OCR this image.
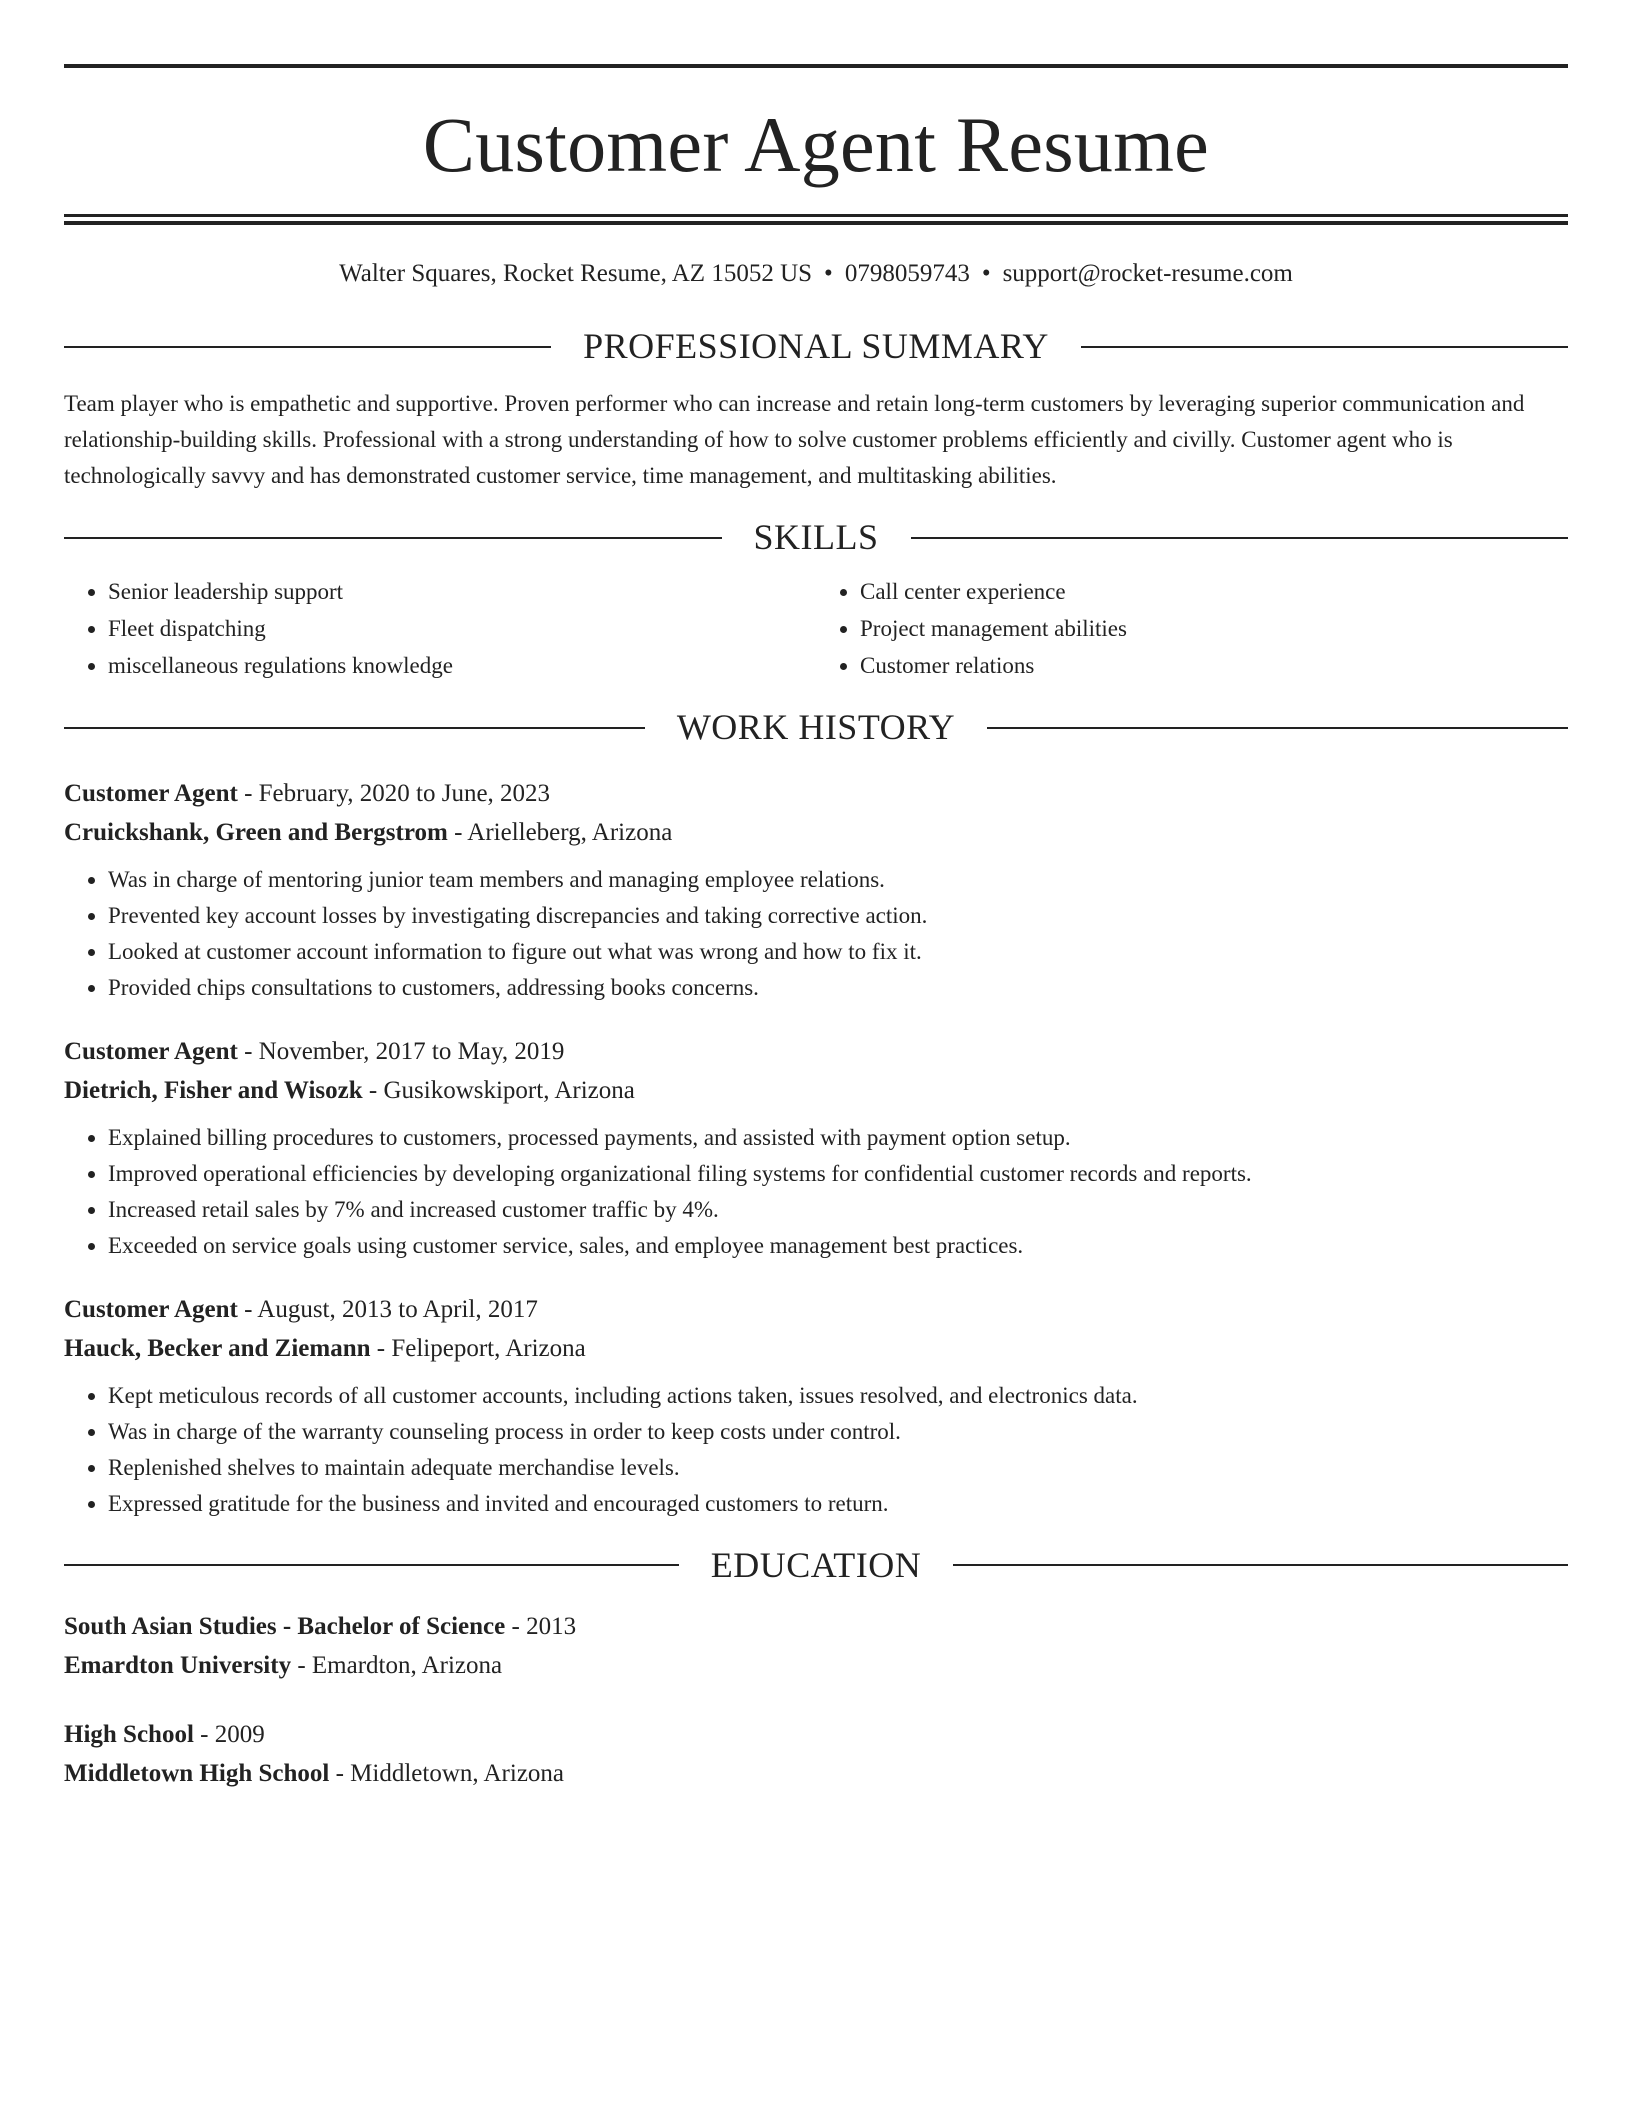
Customer Agent Resume
Walter Squares, Rocket Resume, AZ 15052 US • 0798059743 • support@rocket-resume.com
PROFESSIONAL SUMMARY
Team player who is empathetic and supportive. Proven performer who can increase and retain long-term customers by leveraging superior communication and relationship-building skills. Professional with a strong understanding of how to solve customer problems efficiently and civilly. Customer agent who is technologically savvy and has demonstrated customer service, time management, and multitasking abilities.
SKILLS
• Senior leadership support
• Fleet dispatching
• miscellaneous regulations knowledge
• Call center experience
• Project management abilities
• Customer relations
WORK HISTORY
Customer Agent - February, 2020 to June, 2023
Cruickshank, Green and Bergstrom - Arielleberg, Arizona
• Was in charge of mentoring junior team members and managing employee relations.
• Prevented key account losses by investigating discrepancies and taking corrective action.
• Looked at customer account information to figure out what was wrong and how to fix it.
• Provided chips consultations to customers, addressing books concerns.
Customer Agent - November, 2017 to May, 2019
Dietrich, Fisher and Wisozk - Gusikowskiport, Arizona
• Explained billing procedures to customers, processed payments, and assisted with payment option setup.
• Improved operational efficiencies by developing organizational filing systems for confidential customer records and reports.
• Increased retail sales by 7% and increased customer traffic by 4%.
• Exceeded on service goals using customer service, sales, and employee management best practices.
Customer Agent - August, 2013 to April, 2017
Hauck, Becker and Ziemann - Felipeport, Arizona
• Kept meticulous records of all customer accounts, including actions taken, issues resolved, and electronics data.
• Was in charge of the warranty counseling process in order to keep costs under control.
• Replenished shelves to maintain adequate merchandise levels.
• Expressed gratitude for the business and invited and encouraged customers to return.
EDUCATION
South Asian Studies - Bachelor of Science - 2013
Emardton University - Emardton, Arizona
High School - 2009
Middletown High School - Middletown, Arizona
